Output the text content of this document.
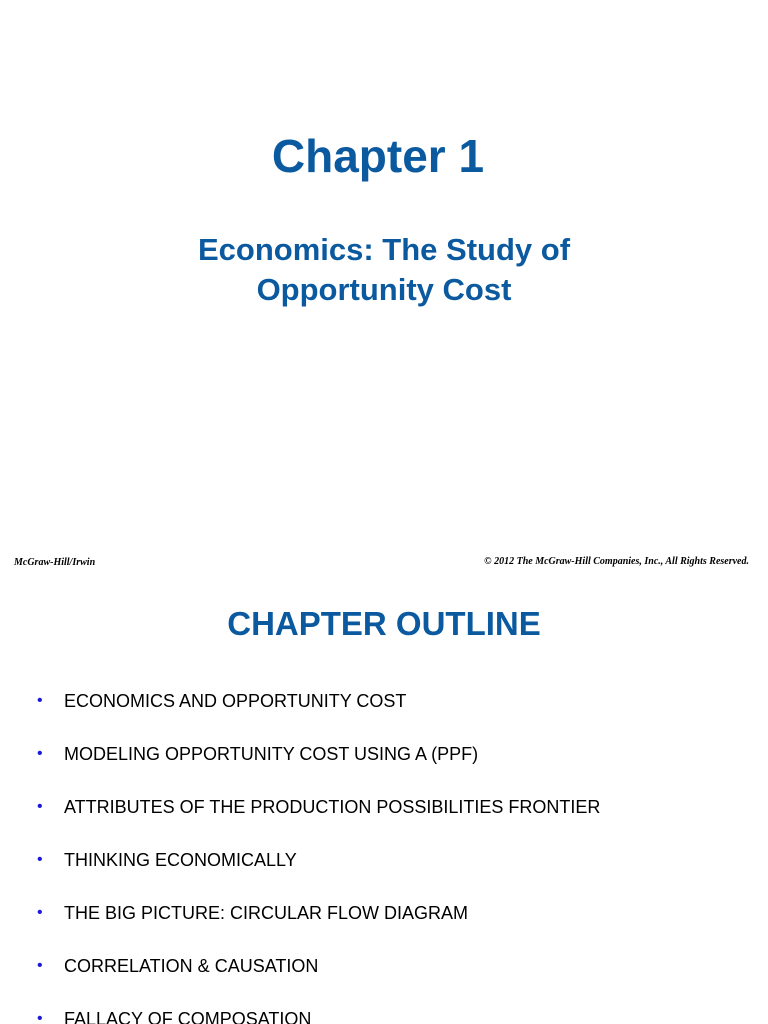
Chapter 1
Economics: The Study of
Opportunity Cost
McGraw-Hill/Irwin	© 2012 The McGraw-Hill Companies, Inc., All Rights Reserved.
CHAPTER OUTLINE
•	ECONOMICS AND OPPORTUNITY COST
•	MODELING OPPORTUNITY COST USING A (PPF)
•	ATTRIBUTES OF THE PRODUCTION POSSIBILITIES FRONTIER
•	THINKING ECONOMICALLY
•	THE BIG PICTURE: CIRCULAR FLOW DIAGRAM
•	CORRELATION & CAUSATION
•	FALLACY OF COMPOSATION
